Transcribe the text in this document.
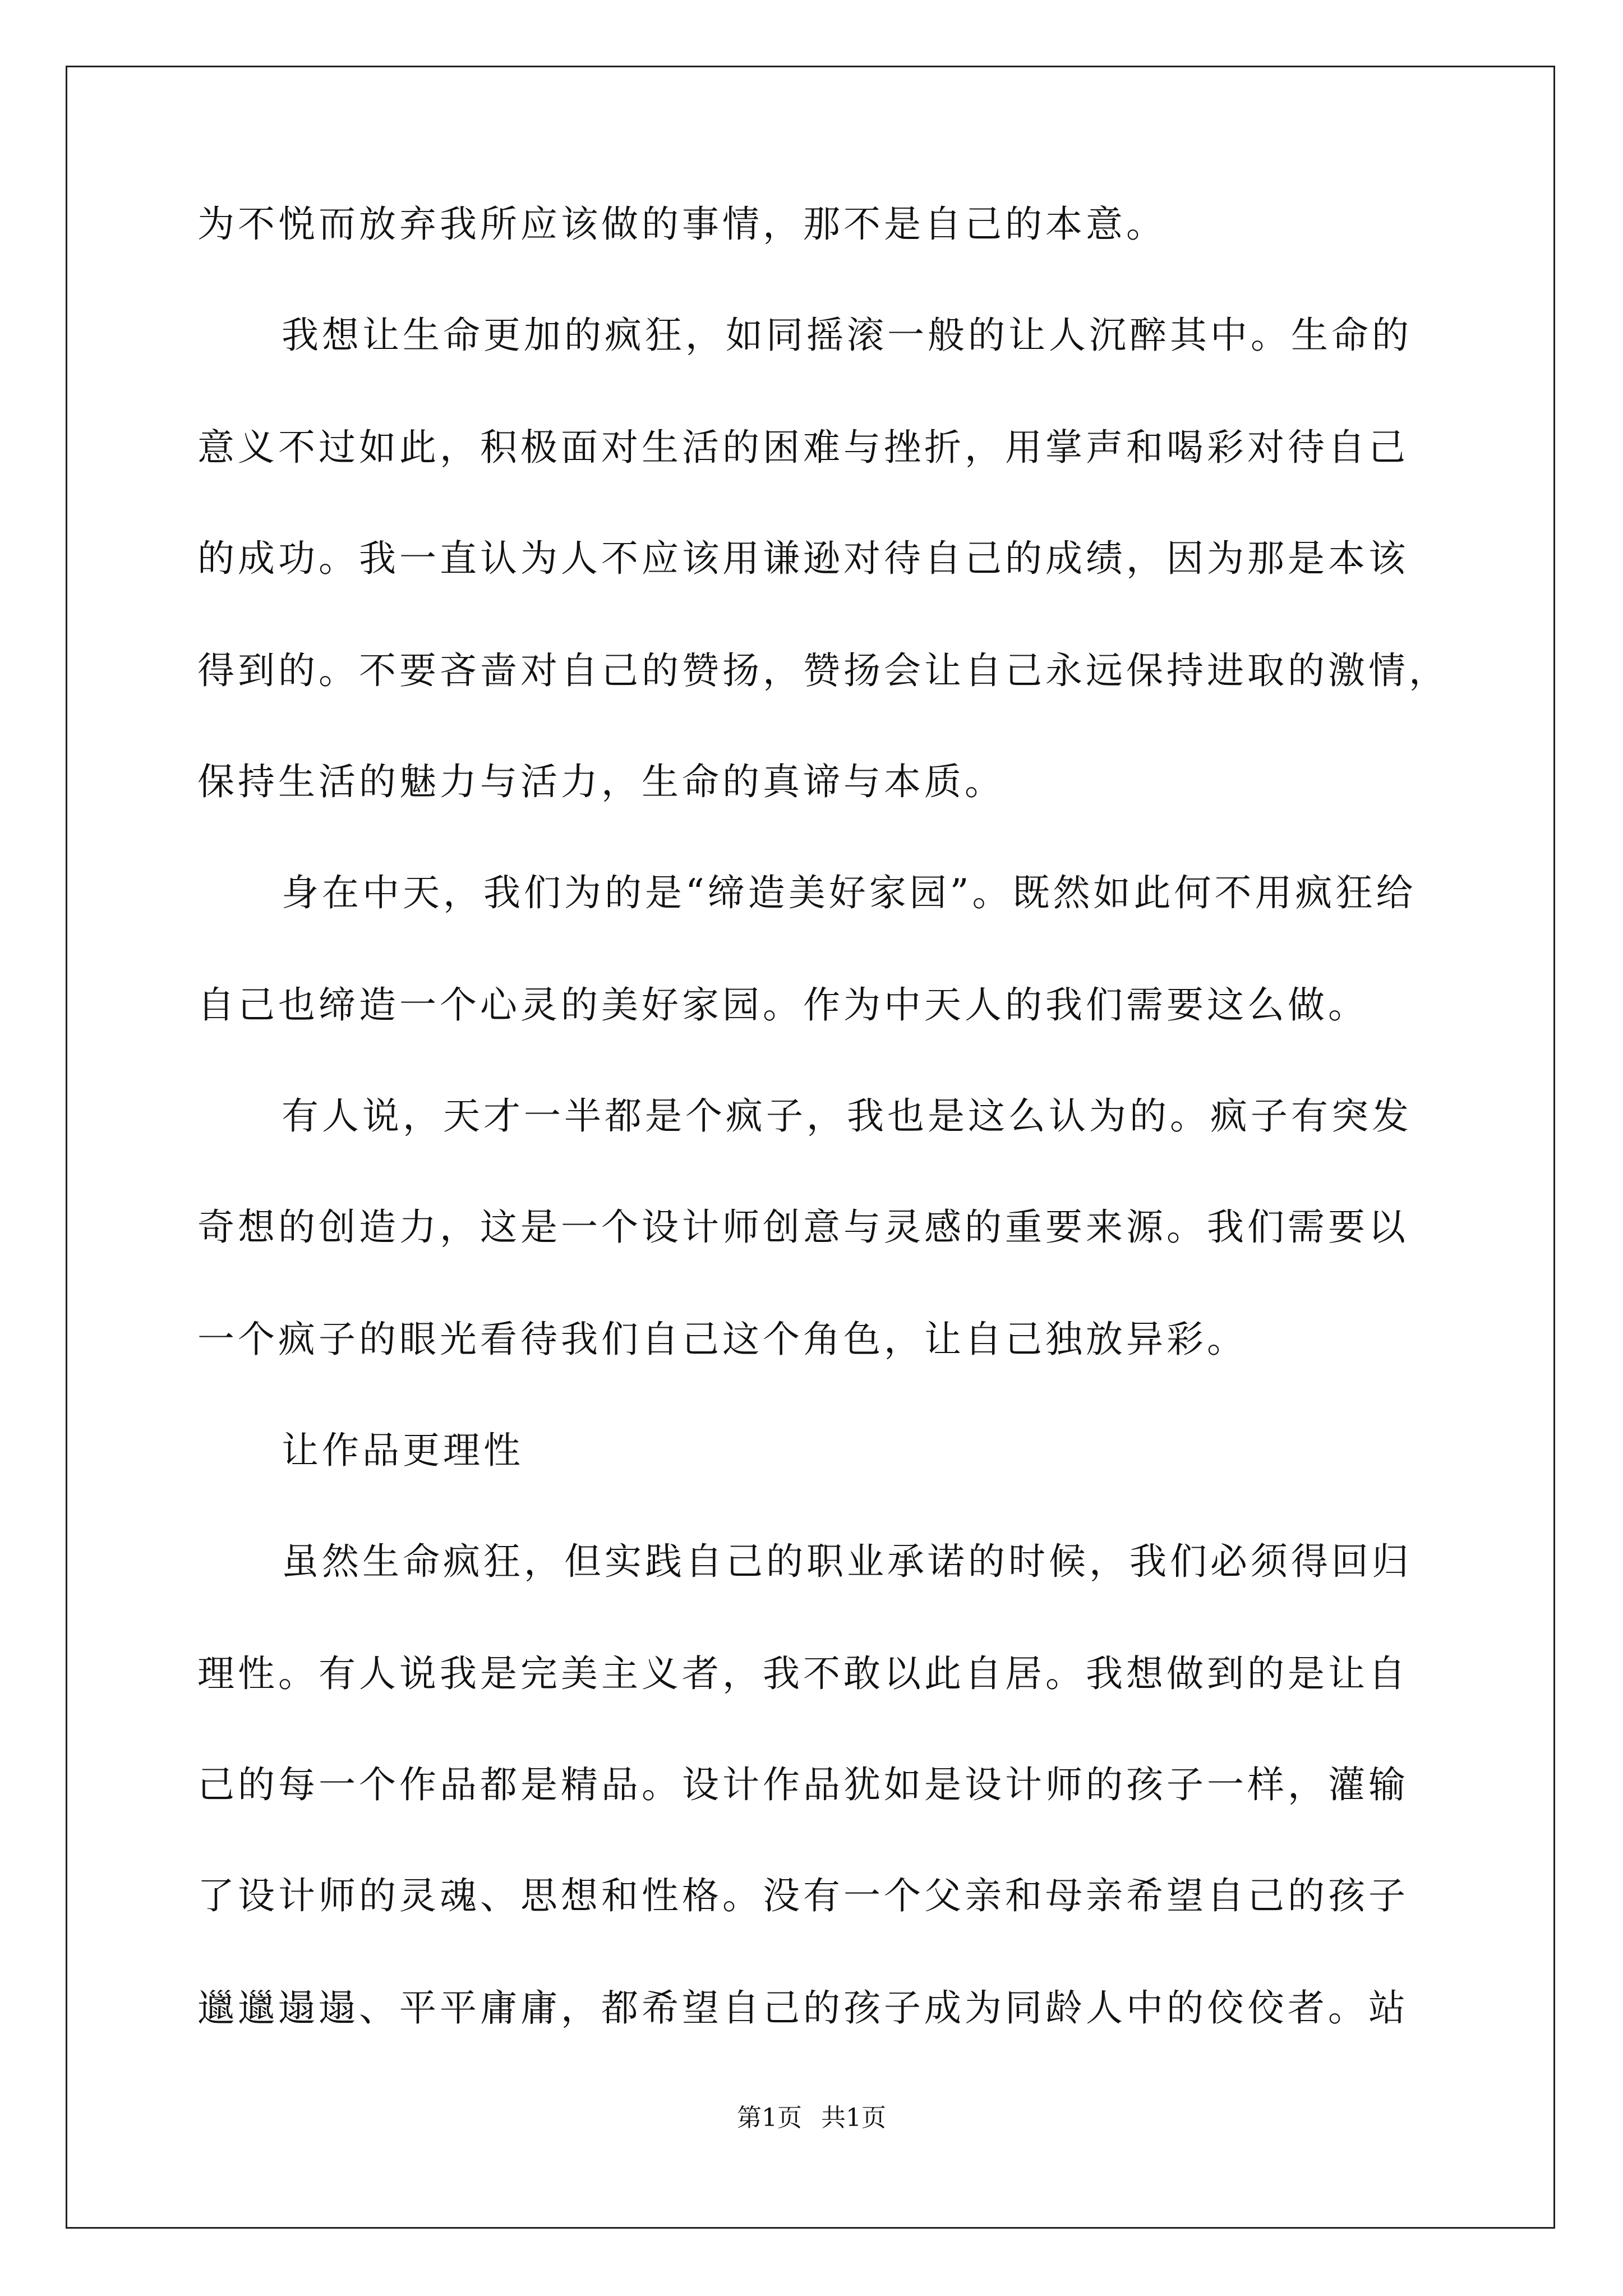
为不悦而放弃我所应该做的事情，那不是自己的本意。
我想让生命更加的疯狂，如同摇滚一般的让人沉醉其中。生命的
意义不过如此，积极面对生活的困难与挫折，用掌声和喝彩对待自己
的成功。我一直认为人不应该用谦逊对待自己的成绩，因为那是本该
得到的。不要吝啬对自己的赞扬，赞扬会让自己永远保持进取的激情，
保持生活的魅力与活力，生命的真谛与本质。
身在中天，我们为的是“缔造美好家园”。既然如此何不用疯狂给
自己也缔造一个心灵的美好家园。作为中天人的我们需要这么做。
有人说，天才一半都是个疯子，我也是这么认为的。疯子有突发
奇想的创造力，这是一个设计师创意与灵感的重要来源。我们需要以
一个疯子的眼光看待我们自己这个角色，让自己独放异彩。
让作品更理性
虽然生命疯狂，但实践自己的职业承诺的时候，我们必须得回归
理性。有人说我是完美主义者，我不敢以此自居。我想做到的是让自
己的每一个作品都是精品。设计作品犹如是设计师的孩子一样，灌输
了设计师的灵魂、思想和性格。没有一个父亲和母亲希望自己的孩子
邋邋遢遢、平平庸庸，都希望自己的孩子成为同龄人中的佼佼者。站
第1页 共1页
